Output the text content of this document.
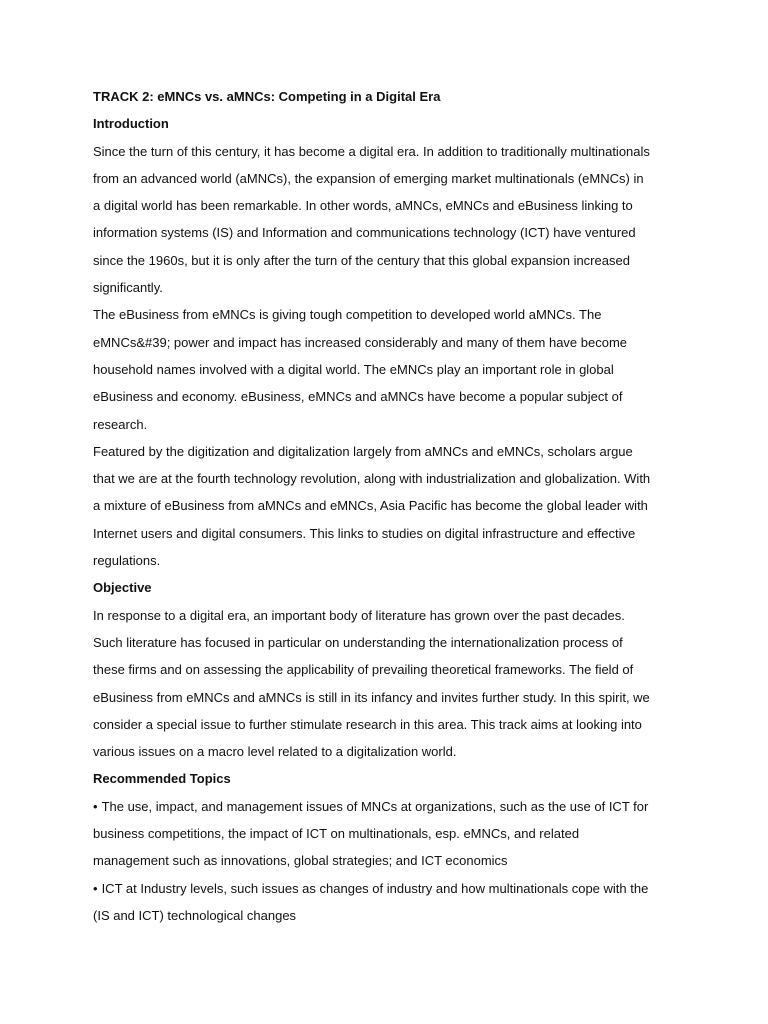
TRACK 2: eMNCs vs. aMNCs: Competing in a Digital Era

Introduction

Since the turn of this century, it has become a digital era. In addition to traditionally multinationals from an advanced world (aMNCs), the expansion of emerging market multinationals (eMNCs) in a digital world has been remarkable. In other words, aMNCs, eMNCs and eBusiness linking to information systems (IS) and Information and communications technology (ICT) have ventured since the 1960s, but it is only after the turn of the century that this global expansion increased significantly.

The eBusiness from eMNCs is giving tough competition to developed world aMNCs. The eMNCs&#39; power and impact has increased considerably and many of them have become household names involved with a digital world. The eMNCs play an important role in global eBusiness and economy. eBusiness, eMNCs and aMNCs have become a popular subject of research.

Featured by the digitization and digitalization largely from aMNCs and eMNCs, scholars argue that we are at the fourth technology revolution, along with industrialization and globalization. With a mixture of eBusiness from aMNCs and eMNCs, Asia Pacific has become the global leader with Internet users and digital consumers. This links to studies on digital infrastructure and effective regulations.

Objective

In response to a digital era, an important body of literature has grown over the past decades. Such literature has focused in particular on understanding the internationalization process of these firms and on assessing the applicability of prevailing theoretical frameworks. The field of eBusiness from eMNCs and aMNCs is still in its infancy and invites further study. In this spirit, we consider a special issue to further stimulate research in this area. This track aims at looking into various issues on a macro level related to a digitalization world.

Recommended Topics

• The use, impact, and management issues of MNCs at organizations, such as the use of ICT for business competitions, the impact of ICT on multinationals, esp. eMNCs, and related management such as innovations, global strategies; and ICT economics

• ICT at Industry levels, such issues as changes of industry and how multinationals cope with the (IS and ICT) technological changes
